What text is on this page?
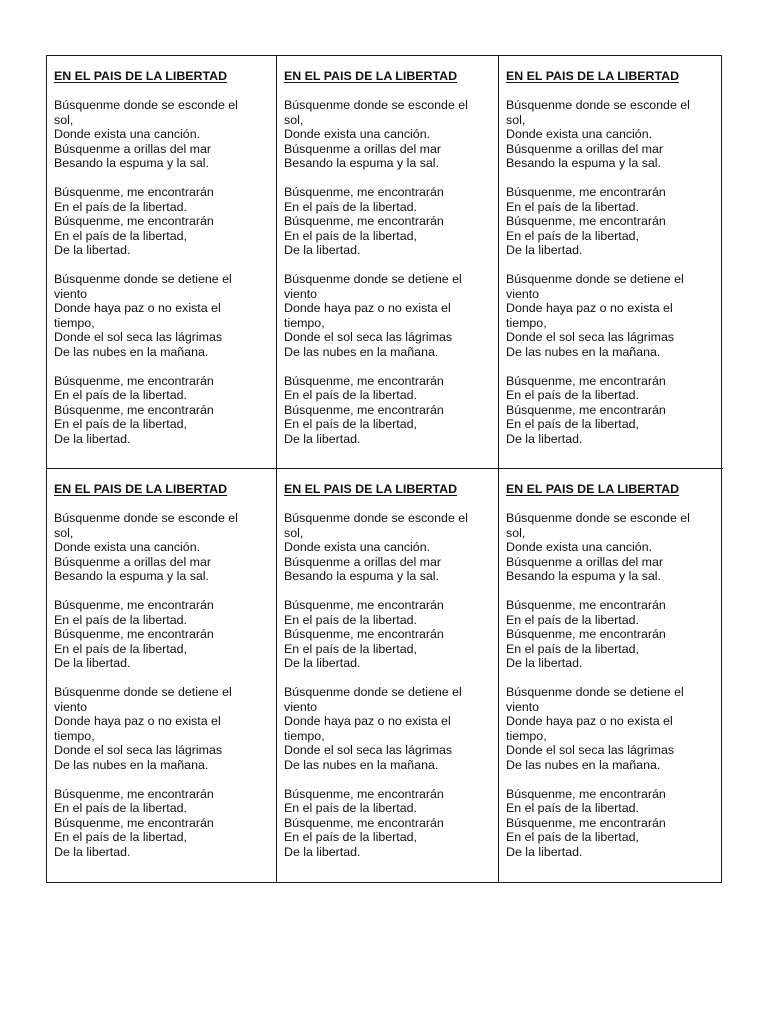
EN EL PAIS DE LA LIBERTAD
Búsquenme donde se esconde el
sol,
Donde exista una canción.
Búsquenme a orillas del mar
Besando la espuma y la sal.
Búsquenme, me encontrarán
En el país de la libertad.
Búsquenme, me encontrarán
En el país de la libertad,
De la libertad.
Búsquenme donde se detiene el
viento
Donde haya paz o no exista el
tiempo,
Donde el sol seca las lágrimas
De las nubes en la mañana.
Búsquenme, me encontrarán
En el país de la libertad.
Búsquenme, me encontrarán
En el país de la libertad,
De la libertad.
EN EL PAIS DE LA LIBERTAD
Búsquenme donde se esconde el
sol,
Donde exista una canción.
Búsquenme a orillas del mar
Besando la espuma y la sal.
Búsquenme, me encontrarán
En el país de la libertad.
Búsquenme, me encontrarán
En el país de la libertad,
De la libertad.
Búsquenme donde se detiene el
viento
Donde haya paz o no exista el
tiempo,
Donde el sol seca las lágrimas
De las nubes en la mañana.
Búsquenme, me encontrarán
En el país de la libertad.
Búsquenme, me encontrarán
En el país de la libertad,
De la libertad.
EN EL PAIS DE LA LIBERTAD
Búsquenme donde se esconde el
sol,
Donde exista una canción.
Búsquenme a orillas del mar
Besando la espuma y la sal.
Búsquenme, me encontrarán
En el país de la libertad.
Búsquenme, me encontrarán
En el país de la libertad,
De la libertad.
Búsquenme donde se detiene el
viento
Donde haya paz o no exista el
tiempo,
Donde el sol seca las lágrimas
De las nubes en la mañana.
Búsquenme, me encontrarán
En el país de la libertad.
Búsquenme, me encontrarán
En el país de la libertad,
De la libertad.
EN EL PAIS DE LA LIBERTAD
Búsquenme donde se esconde el
sol,
Donde exista una canción.
Búsquenme a orillas del mar
Besando la espuma y la sal.
Búsquenme, me encontrarán
En el país de la libertad.
Búsquenme, me encontrarán
En el país de la libertad,
De la libertad.
Búsquenme donde se detiene el
viento
Donde haya paz o no exista el
tiempo,
Donde el sol seca las lágrimas
De las nubes en la mañana.
Búsquenme, me encontrarán
En el país de la libertad.
Búsquenme, me encontrarán
En el país de la libertad,
De la libertad.
EN EL PAIS DE LA LIBERTAD
Búsquenme donde se esconde el
sol,
Donde exista una canción.
Búsquenme a orillas del mar
Besando la espuma y la sal.
Búsquenme, me encontrarán
En el país de la libertad.
Búsquenme, me encontrarán
En el país de la libertad,
De la libertad.
Búsquenme donde se detiene el
viento
Donde haya paz o no exista el
tiempo,
Donde el sol seca las lágrimas
De las nubes en la mañana.
Búsquenme, me encontrarán
En el país de la libertad.
Búsquenme, me encontrarán
En el país de la libertad,
De la libertad.
EN EL PAIS DE LA LIBERTAD
Búsquenme donde se esconde el
sol,
Donde exista una canción.
Búsquenme a orillas del mar
Besando la espuma y la sal.
Búsquenme, me encontrarán
En el país de la libertad.
Búsquenme, me encontrarán
En el país de la libertad,
De la libertad.
Búsquenme donde se detiene el
viento
Donde haya paz o no exista el
tiempo,
Donde el sol seca las lágrimas
De las nubes en la mañana.
Búsquenme, me encontrarán
En el país de la libertad.
Búsquenme, me encontrarán
En el país de la libertad,
De la libertad.
